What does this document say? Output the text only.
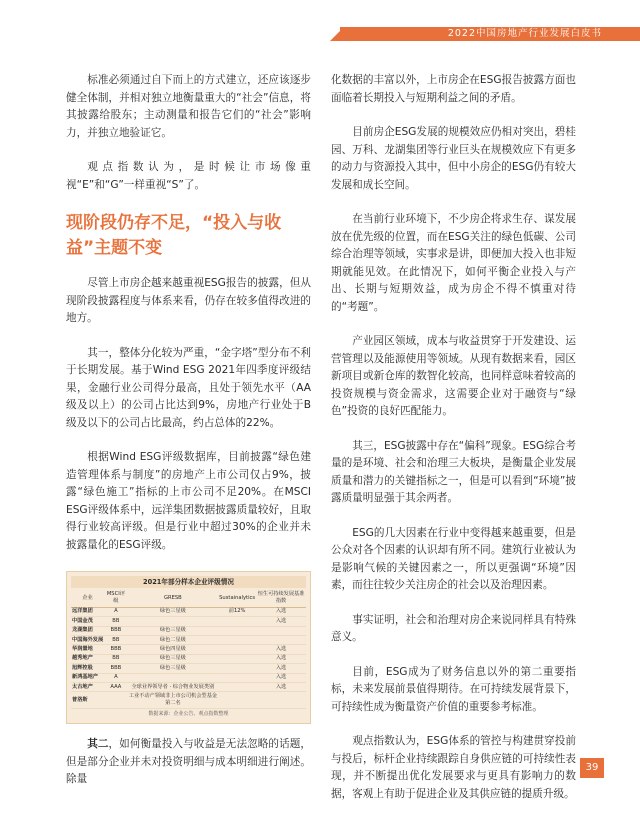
2022中国房地产行业发展白皮书

标准必须通过自下而上的方式建立，还应该逐步健全体制，并相对独立地衡量重大的“社会”信息，将其披露给股东；主动测量和报告它们的“社会”影响力，并独立地验证它。

观点指数认为，是时候让市场像重视“E”和“G”一样重视“S”了。

现阶段仍存不足，“投入与收益”主题不变

尽管上市房企越来越重视ESG报告的披露，但从现阶段披露程度与体系来看，仍存在较多值得改进的地方。

其一，整体分化较为严重，“金字塔”型分布不利于长期发展。基于Wind ESG 2021年四季度评级结果，金融行业公司得分最高，且处于领先水平（AA级及以上）的公司占比达到9%，房地产行业处于B级及以下的公司占比最高，约占总体的22%。

根据Wind ESG评级数据库，目前披露“绿色建造管理体系与制度”的房地产上市公司仅占9%，披露“绿色施工”指标的上市公司不足20%。在MSCI ESG评级体系中，远洋集团数据披露质量较好，且取得行业较高评级。但是行业中超过30%的企业并未披露量化的ESG评级。

2021年部分样本企业评级情况
企业	MSCI评级	GRESB	Sustainalytics	恒生可持续发展基准指数
远洋集团	A	绿色三星级	前12%	入选
中国金茂	BB			入选
龙湖集团	BBB	绿色三星级		
中国海外发展	BB	绿色二星级		
华润置地	BBB	绿色四星级		入选
越秀地产	BB	绿色三星级		入选
旭辉控股	BBB	绿色三星级		入选
新鸿基地产	A			入选
太古地产	AAA	全球业界领导者 · 综合物业发展类别		入选
普洛斯		工业不动产领域非上市公司机会型基金第二名		
数据来源：企业公告、观点指数整理

其二，如何衡量投入与收益是无法忽略的话题，但是部分企业并未对投资明细与成本明细进行阐述。除量

化数据的丰富以外，上市房企在ESG报告披露方面也面临着长期投入与短期利益之间的矛盾。

目前房企ESG发展的规模效应仍相对突出，碧桂园、万科、龙湖集团等行业巨头在规模效应下有更多的动力与资源投入其中，但中小房企的ESG仍有较大发展和成长空间。

在当前行业环境下，不少房企将求生存、谋发展放在优先级的位置，而在ESG关注的绿色低碳、公司综合治理等领域，实事求是讲，即便加大投入也非短期就能见效。在此情况下，如何平衡企业投入与产出、长期与短期效益，成为房企不得不慎重对待的“考题”。

产业园区领域，成本与收益贯穿于开发建设、运营管理以及能源使用等领域。从现有数据来看，园区新项目或新仓库的数智化较高，也同样意味着较高的投资规模与资金需求，这需要企业对于融资与“绿色”投资的良好匹配能力。

其三，ESG披露中存在“偏科”现象。ESG综合考量的是环境、社会和治理三大板块，是衡量企业发展质量和潜力的关键指标之一，但是可以看到“环境”披露质量明显强于其余两者。

ESG的几大因素在行业中变得越来越重要，但是公众对各个因素的认识却有所不同。建筑行业被认为是影响气候的关键因素之一，所以更强调“环境”因素，而往往较少关注房企的社会以及治理因素。

事实证明，社会和治理对房企来说同样具有特殊意义。

目前，ESG成为了财务信息以外的第二重要指标，未来发展前景值得期待。在可持续发展背景下，可持续性成为衡量资产价值的重要参考标准。

观点指数认为，ESG体系的管控与构建贯穿投前与投后，标杆企业持续跟踪自身供应链的可持续性表现，并不断提出优化发展要求与更具有影响力的数据，客观上有助于促进企业及其供应链的提质升级。

39
